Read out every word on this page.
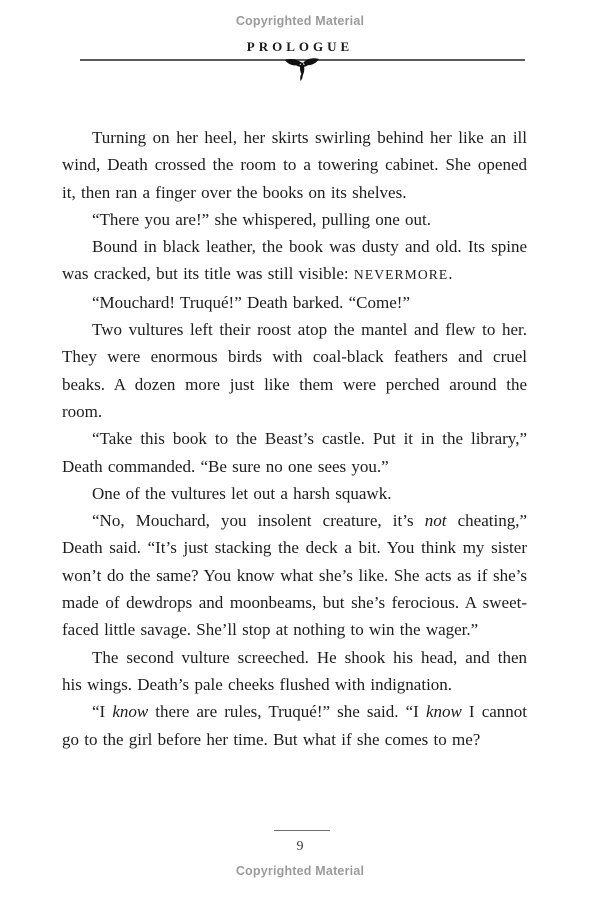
Copyrighted Material
PROLOGUE

Turning on her heel, her skirts swirling behind her like an ill wind, Death crossed the room to a towering cabinet. She opened it, then ran a finger over the books on its shelves.

“There you are!” she whispered, pulling one out.

Bound in black leather, the book was dusty and old. Its spine was cracked, but its title was still visible: NEVERMORE.

“Mouchard! Truqué!” Death barked. “Come!”

Two vultures left their roost atop the mantel and flew to her. They were enormous birds with coal-black feathers and cruel beaks. A dozen more just like them were perched around the room.

“Take this book to the Beast’s castle. Put it in the library,” Death commanded. “Be sure no one sees you.”

One of the vultures let out a harsh squawk.

“No, Mouchard, you insolent creature, it’s not cheating,” Death said. “It’s just stacking the deck a bit. You think my sister won’t do the same? You know what she’s like. She acts as if she’s made of dewdrops and moonbeams, but she’s ferocious. A sweet-faced little savage. She’ll stop at nothing to win the wager.”

The second vulture screeched. He shook his head, and then his wings. Death’s pale cheeks flushed with indignation.

“I know there are rules, Truqué!” she said. “I know I cannot go to the girl before her time. But what if she comes to me?

9
Copyrighted Material
